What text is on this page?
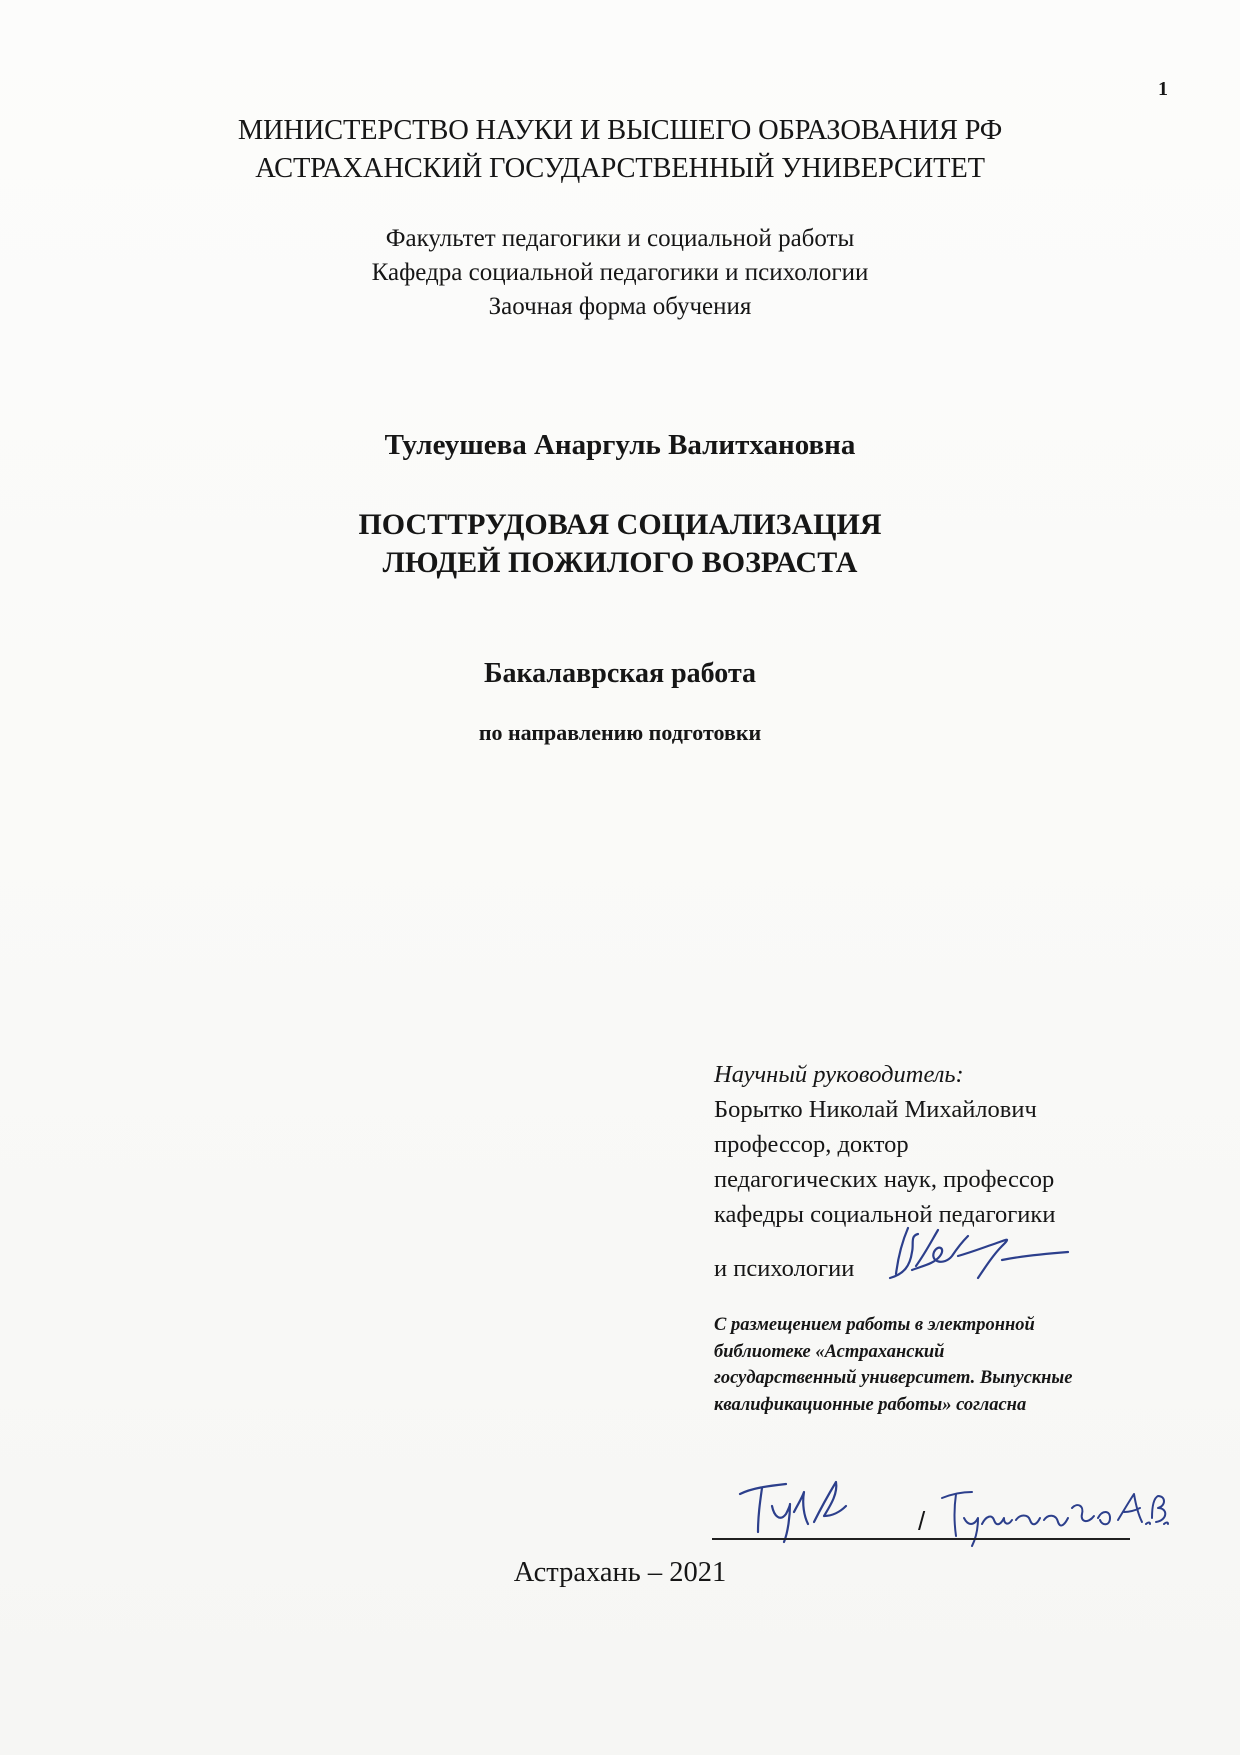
1
МИНИСТЕРСТВО НАУКИ И ВЫСШЕГО ОБРАЗОВАНИЯ РФ
АСТРАХАНСКИЙ ГОСУДАРСТВЕННЫЙ УНИВЕРСИТЕТ
Факультет педагогики и социальной работы
Кафедра социальной педагогики и психологии
Заочная форма обучения
Тулеушева Анаргуль Валитхановна
ПОСТТРУДОВАЯ СОЦИАЛИЗАЦИЯ
ЛЮДЕЙ ПОЖИЛОГО ВОЗРАСТА
Бакалаврская работа
по направлению подготовки
Научный руководитель:
Борытко Николай Михайлович
профессор, доктор
педагогических наук, профессор
кафедры социальной педагогики
и психологии
С размещением работы в электронной
библиотеке «Астраханский
государственный университет. Выпускные
квалификационные работы» согласна
/
Астрахань – 2021
